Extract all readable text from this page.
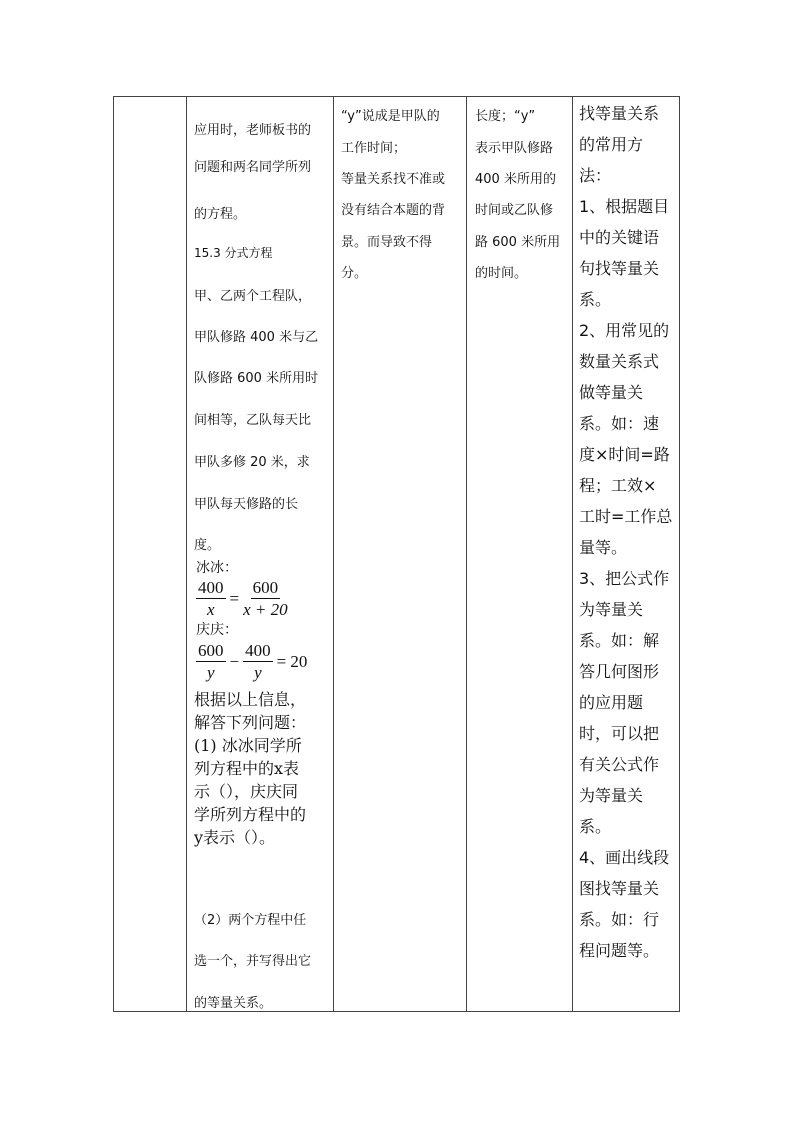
应用时，老师板书的
问题和两名同学所列
的方程。
15.3 分式方程
甲、乙两个工程队，
甲队修路 400 米与乙
队修路 600 米所用时
间相等，乙队每天比
甲队多修 20 米，求
甲队每天修路的长
度。
冰冰：
$\frac{400}{x} = \frac{600}{x + 20}$
庆庆：
$\frac{600}{y} - \frac{400}{y} = 20$
根据以上信息，
解答下列问题：
(1) 冰冰同学所
列方程中的x表
示（），庆庆同
学所列方程中的
y表示（）。
（2）两个方程中任
选一个，并写得出它
的等量关系。
“y”说成是甲队的
工作时间；
等量关系找不准或
没有结合本题的背
景。而导致不得
分。
长度；“y”
表示甲队修路
400 米所用的
时间或乙队修
路 600 米所用
的时间。
找等量关系
的常用方
法：
1、根据题目
中的关键语
句找等量关
系。
2、用常见的
数量关系式
做等量关
系。如：速
度×时间=路
程；工效×
工时=工作总
量等。
3、把公式作
为等量关
系。如：解
答几何图形
的应用题
时，可以把
有关公式作
为等量关
系。
4、画出线段
图找等量关
系。如：行
程问题等。
